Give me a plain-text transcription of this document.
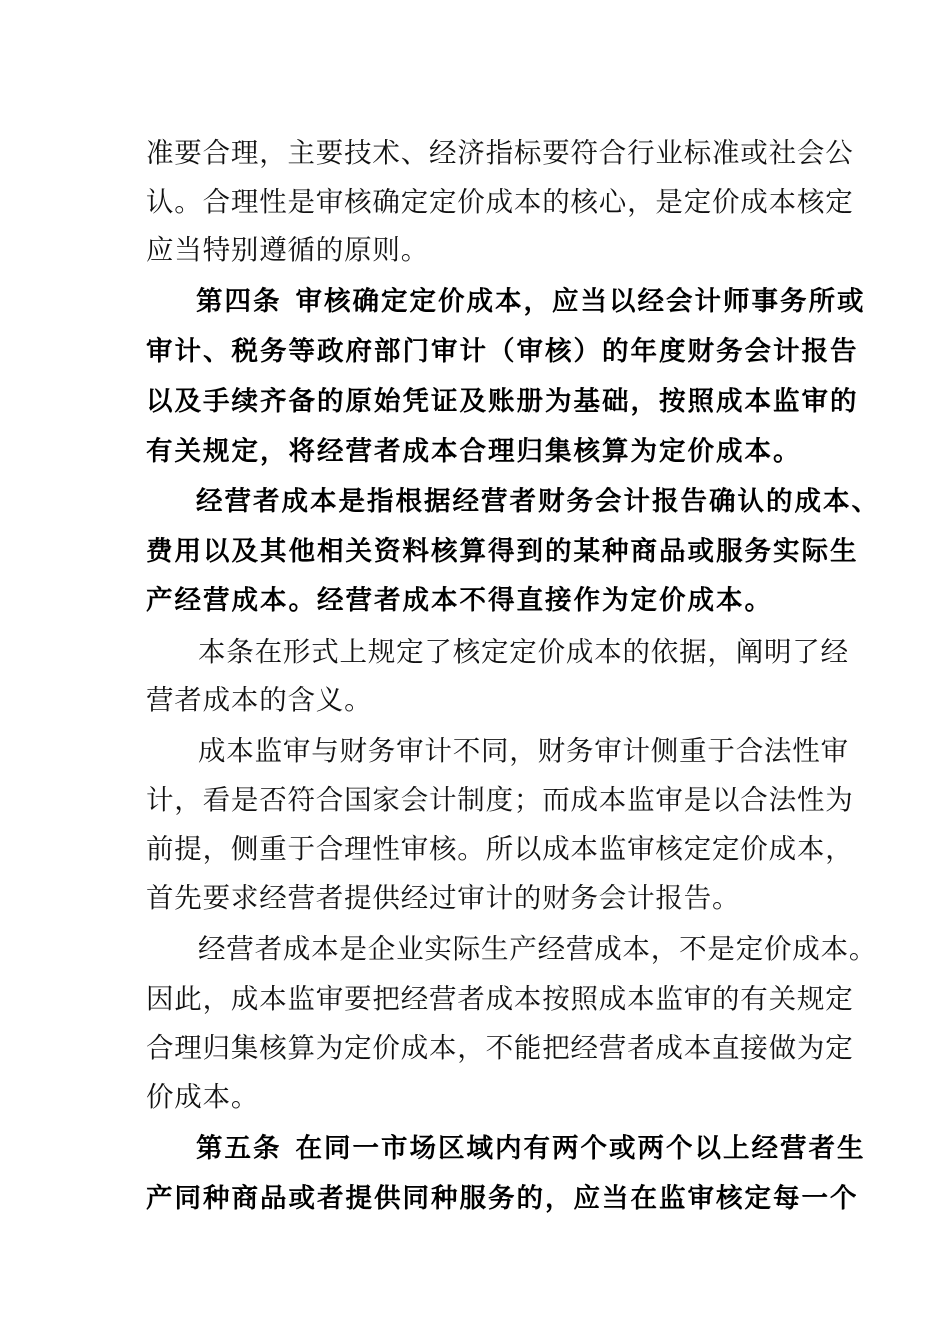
准要合理，主要技术、经济指标要符合行业标准或社会公
认。合理性是审核确定定价成本的核心，是定价成本核定
应当特别遵循的原则。
第四条 审核确定定价成本，应当以经会计师事务所或
审计、税务等政府部门审计（审核）的年度财务会计报告
以及手续齐备的原始凭证及账册为基础，按照成本监审的
有关规定，将经营者成本合理归集核算为定价成本。
经营者成本是指根据经营者财务会计报告确认的成本、
费用以及其他相关资料核算得到的某种商品或服务实际生
产经营成本。经营者成本不得直接作为定价成本。
本条在形式上规定了核定定价成本的依据，阐明了经
营者成本的含义。
成本监审与财务审计不同，财务审计侧重于合法性审
计，看是否符合国家会计制度；而成本监审是以合法性为
前提，侧重于合理性审核。所以成本监审核定定价成本，
首先要求经营者提供经过审计的财务会计报告。
经营者成本是企业实际生产经营成本，不是定价成本。
因此，成本监审要把经营者成本按照成本监审的有关规定
合理归集核算为定价成本，不能把经营者成本直接做为定
价成本。
第五条 在同一市场区域内有两个或两个以上经营者生
产同种商品或者提供同种服务的，应当在监审核定每一个
